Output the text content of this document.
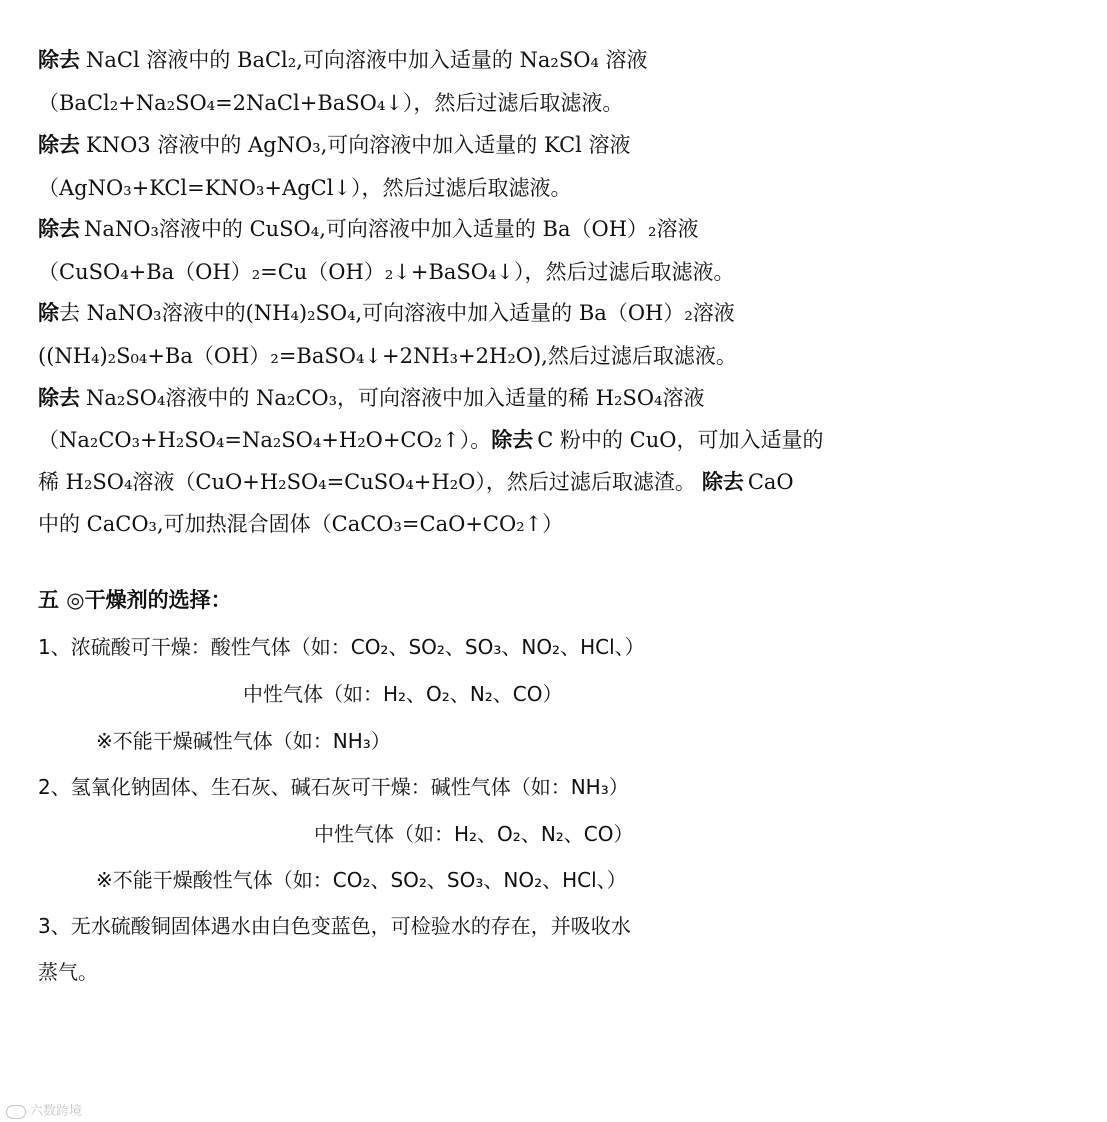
除去 NaCl 溶液中的 BaCl₂,可向溶液中加入适量的 Na₂SO₄ 溶液
（BaCl₂+Na₂SO₄=2NaCl+BaSO₄↓），然后过滤后取滤液。
除去 KNO3 溶液中的 AgNO₃,可向溶液中加入适量的 KCl 溶液
（AgNO₃+KCl=KNO₃+AgCl↓），然后过滤后取滤液。
除去 NaNO₃溶液中的 CuSO₄,可向溶液中加入适量的 Ba（OH）₂溶液
（CuSO₄+Ba（OH）₂=Cu（OH）₂↓+BaSO₄↓），然后过滤后取滤液。
除去 NaNO₃溶液中的(NH₄)₂SO₄,可向溶液中加入适量的 Ba（OH）₂溶液
((NH₄)₂S₀₄+Ba（OH）₂=BaSO₄↓+2NH₃+2H₂O),然后过滤后取滤液。
除去 Na₂SO₄溶液中的 Na₂CO₃，可向溶液中加入适量的稀 H₂SO₄溶液
（Na₂CO₃+H₂SO₄=Na₂SO₄+H₂O+CO₂↑）。除去 C 粉中的 CuO，可加入适量的
稀 H₂SO₄溶液（CuO+H₂SO₄=CuSO₄+H₂O），然后过滤后取滤渣。 除去 CaO
中的 CaCO₃,可加热混合固体（CaCO₃=CaO+CO₂↑）
五 ◎干燥剂的选择：
1、浓硫酸可干燥：酸性气体（如：CO₂、SO₂、SO₃、NO₂、HCl、）
中性气体（如：H₂、O₂、N₂、CO）
※不能干燥碱性气体（如：NH₃）
2、氢氧化钠固体、生石灰、碱石灰可干燥：碱性气体（如：NH₃）
中性气体（如：H₂、O₂、N₂、CO）
※不能干燥酸性气体（如：CO₂、SO₂、SO₃、NO₂、HCl、）
3、无水硫酸铜固体遇水由白色变蓝色，可检验水的存在，并吸收水
蒸气。
六数跨境
